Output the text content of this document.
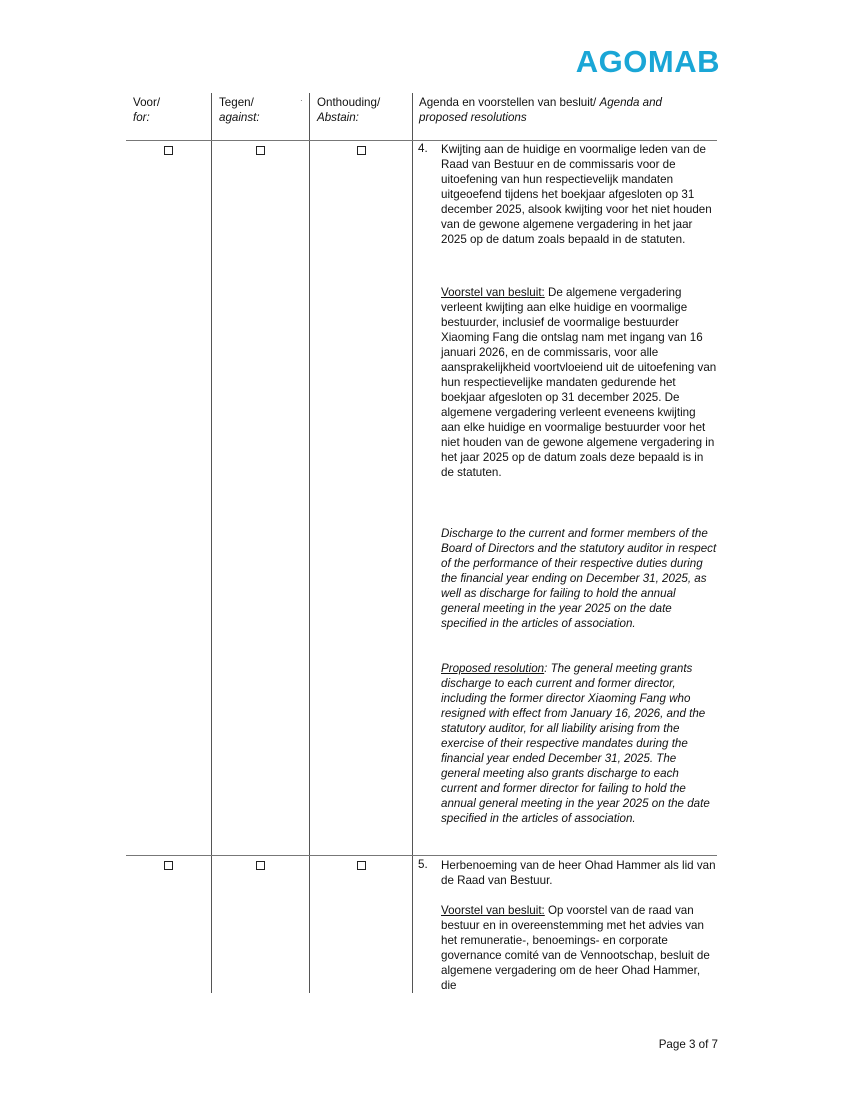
AGOMAB
·
Voor/
for:
Tegen/
against:
Onthouding/
Abstain:
Agenda en voorstellen van besluit/ Agenda and
proposed resolutions
4. Kwijting aan de huidige en voormalige leden van de Raad van Bestuur en de commissaris voor de uitoefening van hun respectievelijk mandaten uitgeoefend tijdens het boekjaar afgesloten op 31 december 2025, alsook kwijting voor het niet houden van de gewone algemene vergadering in het jaar 2025 op de datum zoals bepaald in de statuten.

Voorstel van besluit: De algemene vergadering verleent kwijting aan elke huidige en voormalige bestuurder, inclusief de voormalige bestuurder Xiaoming Fang die ontslag nam met ingang van 16 januari 2026, en de commissaris, voor alle aansprakelijkheid voortvloeiend uit de uitoefening van hun respectievelijke mandaten gedurende het boekjaar afgesloten op 31 december 2025. De algemene vergadering verleent eveneens kwijting aan elke huidige en voormalige bestuurder voor het niet houden van de gewone algemene vergadering in het jaar 2025 op de datum zoals deze bepaald is in de statuten.

Discharge to the current and former members of the Board of Directors and the statutory auditor in respect of the performance of their respective duties during the financial year ending on December 31, 2025, as well as discharge for failing to hold the annual general meeting in the year 2025 on the date specified in the articles of association.

Proposed resolution: The general meeting grants discharge to each current and former director, including the former director Xiaoming Fang who resigned with effect from January 16, 2026, and the statutory auditor, for all liability arising from the exercise of their respective mandates during the financial year ended December 31, 2025. The general meeting also grants discharge to each current and former director for failing to hold the annual general meeting in the year 2025 on the date specified in the articles of association.

5. Herbenoeming van de heer Ohad Hammer als lid van de Raad van Bestuur.

Voorstel van besluit: Op voorstel van de raad van bestuur en in overeenstemming met het advies van het remuneratie-, benoemings- en corporate governance comité van de Vennootschap, besluit de algemene vergadering om de heer Ohad Hammer, die

Page 3 of 7
